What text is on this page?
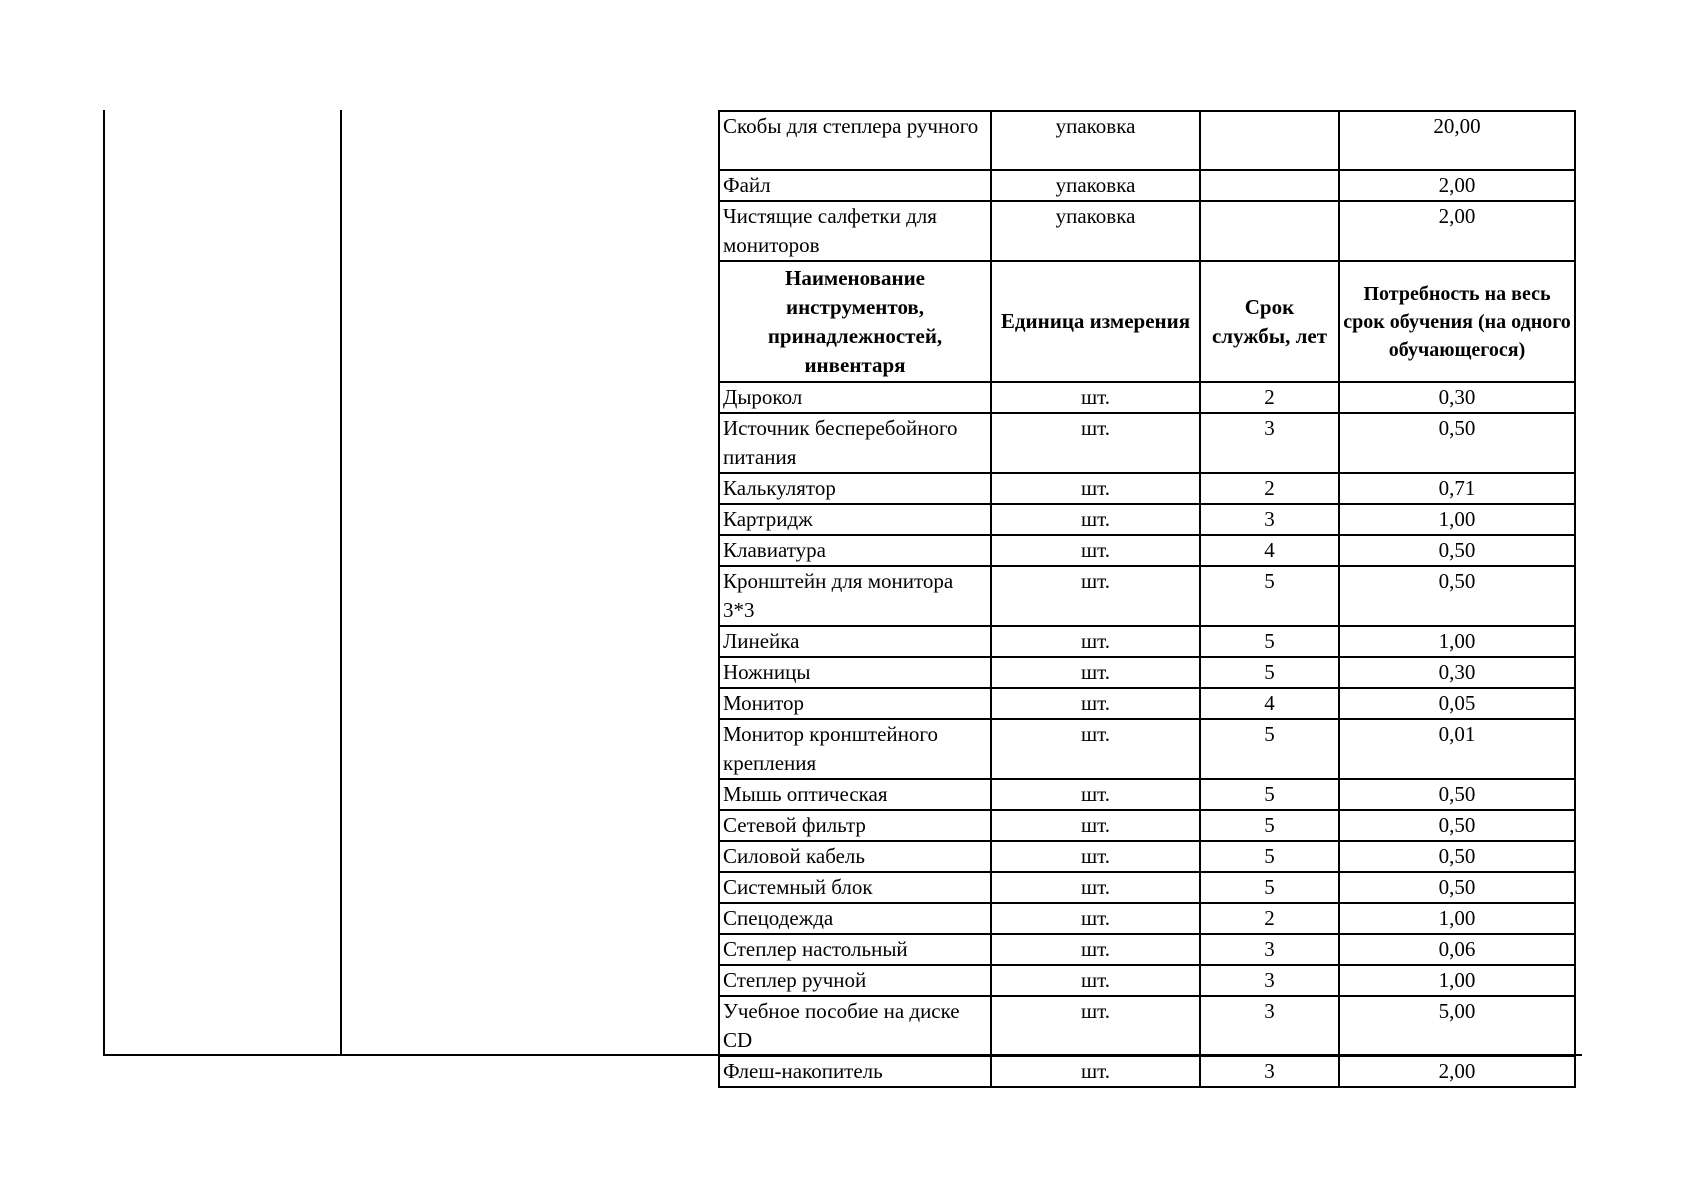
Скобы для степлера ручного	упаковка		20,00
Файл	упаковка		2,00
Чистящие салфетки для мониторов	упаковка		2,00
Наименование инструментов, принадлежностей, инвентаря	Единица измерения	Срок службы, лет	Потребность на весь срок обучения (на одного обучающегося)
Дырокол	шт.	2	0,30
Источник бесперебойного питания	шт.	3	0,50
Калькулятор	шт.	2	0,71
Картридж	шт.	3	1,00
Клавиатура	шт.	4	0,50
Кронштейн для монитора 3*3	шт.	5	0,50
Линейка	шт.	5	1,00
Ножницы	шт.	5	0,30
Монитор	шт.	4	0,05
Монитор кронштейного крепления	шт.	5	0,01
Мышь оптическая	шт.	5	0,50
Сетевой фильтр	шт.	5	0,50
Силовой кабель	шт.	5	0,50
Системный блок	шт.	5	0,50
Спецодежда	шт.	2	1,00
Степлер настольный	шт.	3	0,06
Степлер ручной	шт.	3	1,00
Учебное пособие на диске CD	шт.	3	5,00
Флеш-накопитель	шт.	3	2,00
